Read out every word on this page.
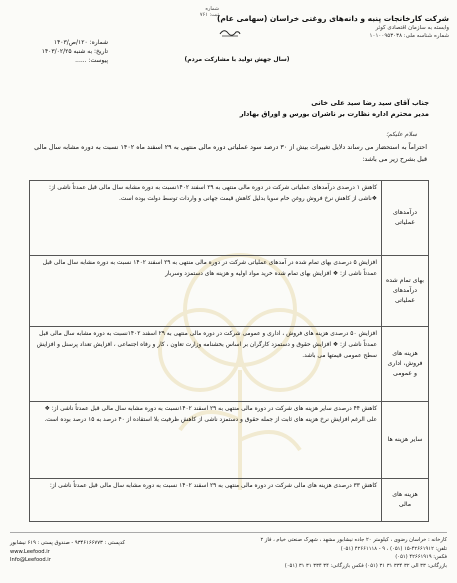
شماره ثبت: ۷۶۱
شرکت کارخانجات پنبه و دانه‌های روغنی خراسان (سهامی عام)
وابسته به سازمان اقتصادی کوثر
شماره شناسه ملی: ۱۰۱۰۰۹۵۳۰۳۸
(سال جهش تولید با مشارکت مردم)
شماره: ۱۲۰/ص/۱۴۰۳
تاریخ: به شنبه ۱۴۰۳/۰۲/۲۵
پیوست: ......
جناب آقای سید رضا سید علی خانی
مدیر محترم اداره نظارت بر ناشران بورس و اوراق بهادار
سلام علیکم؛
احتراماً به استحضار می رساند دلایل تغییرات بیش از ۳۰ درصد سود عملیاتی دوره مالی منتهی به ۲۹ اسفند ماه ۱۴۰۲ نسبت به دوره مشابه سال مالی قبل بشرح زیر می باشد:
درآمدهای عملیاتی	کاهش ۱ درصدی درآمدهای عملیاتی شرکت در دوره مالی منتهی به ۲۹ اسفند ۱۴۰۲نسبت به دوره مشابه سال مالی قبل عمدتاً ناشی از: ❖ناشی از کاهش نرخ فروش روغن خام سویا بدلیل کاهش قیمت جهانی و واردات توسط دولت بوده است.
بهای تمام شده درآمدهای عملیاتی	افزایش ۵ درصدی بهای تمام شده در آمدهای عملیاتی شرکت در دوره مالی منتهی به ۲۹ اسفند ۱۴۰۲ نسبت به دوره مشابه سال مالی قبل عمدتاً ناشی از: ❖ افزایش بهای تمام شده خرید مواد اولیه و هزینه های دستمزد وسربار
هزینه های فروش، اداری و عمومی	افزایش ۵۰ درصدی هزینه های فروش ، اداری و عمومی شرکت در دوره مالی منتهی به ۲۹ اسفند ۱۴۰۲نسبت به دوره مشابه سال مالی قبل عمدتاً ناشی از: ❖ افزایش حقوق و دستمزد کارگران بر اساس بخشنامه وزارت تعاون ، کار و رفاه اجتماعی ، افزایش تعداد پرسنل و افزایش سطح عمومی قیمتها می باشد.
سایر هزینه ها	کاهش ۴۴ درصدی سایر هزینه های شرکت در دوره مالی منتهی به ۲۹ اسفند ۱۴۰۲نسبت به دوره مشابه سال مالی قبل عمدتاً ناشی از: ❖ علی الرغم افزایش نرخ هزینه های ثابت از جمله حقوق و دستمزد ناشی از کاهش ظرفیت بلا استفاده از ۴۰ درصد به ۱۵ درصد بوده است.
هزینه های مالی	کاهش ۳۳ درصدی هزینه های مالی شرکت در دوره مالی منتهی به ۲۹ اسفند ۱۴۰۲ نسبت به دوره مشابه سال مالی قبل عمدتاً ناشی از:
کارخانه : خراسان رضوی ، کیلومتر ۲۰ جاده نیشابور مشهد ، شهرک صنعتی خیام ، فاز ۲
تلفن: ۴۲۶۶۱۹۱۲-۱۵ (۰۵۱) ، ۹ - ۴۲۶۶۱۱۱۸ (۰۵۱)
فکس: ۴۲۶۶۱۹۱۹ (۰۵۱)
بازرگانی: ۳۳ الی ۳۲ ۳۳۴ ۳۱ ۳۱ (۰۵۱) فکس بازرگانی: ۳۴ ۳۳۴ ۳۱ ۳۱ (۰۵۱)
کدپستی : ۹۳۴۶۱۶۶۷۷۳ - صندوق پستی : ۶۱۹ نیشابور
www.Leefood.ir
Info@Leefood.ir
